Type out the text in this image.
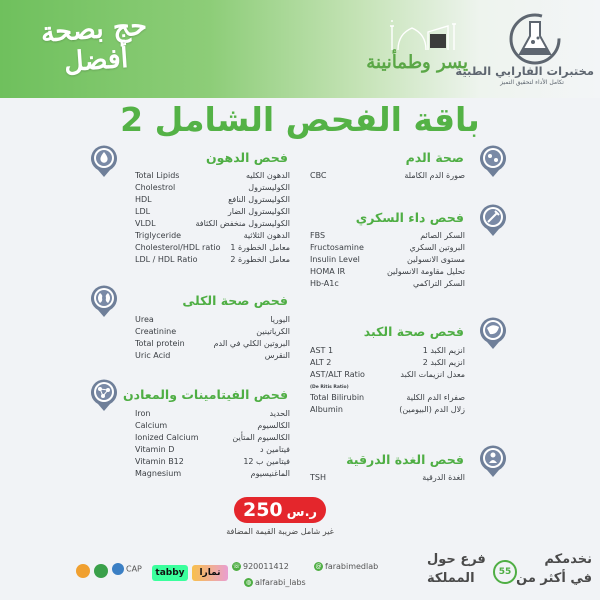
حج بصحة أفضل	يسر وطمأنينة
مختبرات الفارابي الطبية
تكامل الأداء لتحقيق التميز
باقة الفحص الشامل 2
صحة الدم
CBC	صورة الدم الكاملة
فحص داء السكري
FBS	السكر الصائم
Fructosamine	البروتين السكري
Insulin Level	مستوى الانسولين
HOMA IR	تحليل مقاومة الانسولين
Hb-A1c	السكر التراكمي
فحص صحة الكبد
AST 1	انزيم الكبد 1
ALT 2	انزيم الكبد 2
AST/ALT Ratio	معدل انزيمات الكبد
(De Ritis Ratio)
Total Bilirubin	صفراء الدم الكلية
Albumin	زلال الدم (البيومين)
فحص الغدة الدرقية
TSH	الغدة الدرقية
فحص الدهون
Total Lipids	الدهون الكليه
Cholestrol	الكوليسترول
HDL	الكوليسترول النافع
LDL	الكوليسترول الضار
VLDL	الكوليسترول منخفض الكثافة
Triglyceride	الدهون الثلاثية
Cholesterol/HDL ratio معامل الخطورة 1
LDL / HDL Ratio	معامل الخطورة 2
فحص صحة الكلى
Urea	اليوريا
Creatinine	الكرياتينين
Total protein	البروتين الكلي في الدم
Uric Acid	النقرس
فحص الفيتامينات والمعادن
Iron	الحديد
Calcium	الكالسيوم
Ionized Calcium	الكالسيوم المتأين
Vitamin D	فيتامين د
Vitamin B12	فيتامين ب 12
Magnesium	الماغنيسيوم
250 ر.س
غير شامل ضريبة القيمة المضافة
CAP	tabby	تمارا
☏ 920011412	@ farabimedlab
◍ alfarabi_labs
نخدمكم
في أكثر من
55
فرع حول
المملكة
